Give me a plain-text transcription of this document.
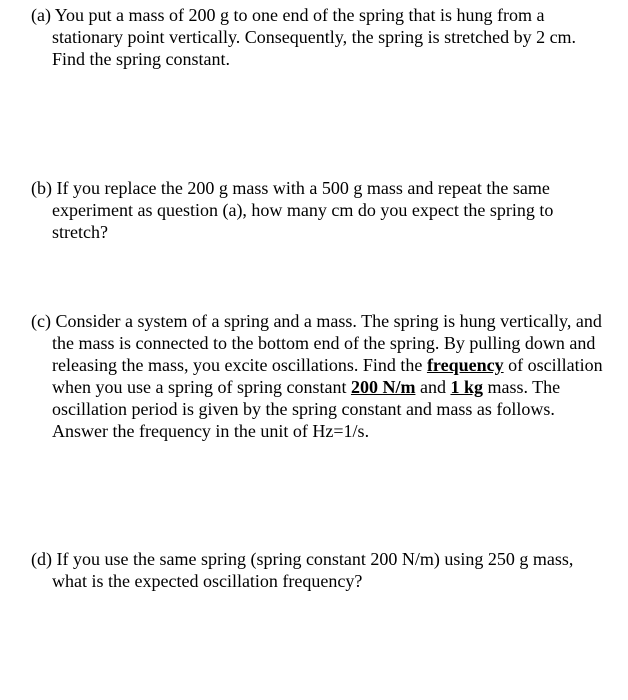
(a) You put a mass of 200 g to one end of the spring that is hung from a stationary point vertically. Consequently, the spring is stretched by 2 cm. Find the spring constant.

(b) If you replace the 200 g mass with a 500 g mass and repeat the same experiment as question (a), how many cm do you expect the spring to stretch?

(c) Consider a system of a spring and a mass. The spring is hung vertically, and the mass is connected to the bottom end of the spring. By pulling down and releasing the mass, you excite oscillations. Find the frequency of oscillation when you use a spring of spring constant 200 N/m and 1 kg mass. The oscillation period is given by the spring constant and mass as follows. Answer the frequency in the unit of Hz=1/s.

(d) If you use the same spring (spring constant 200 N/m) using 250 g mass, what is the expected oscillation frequency?
